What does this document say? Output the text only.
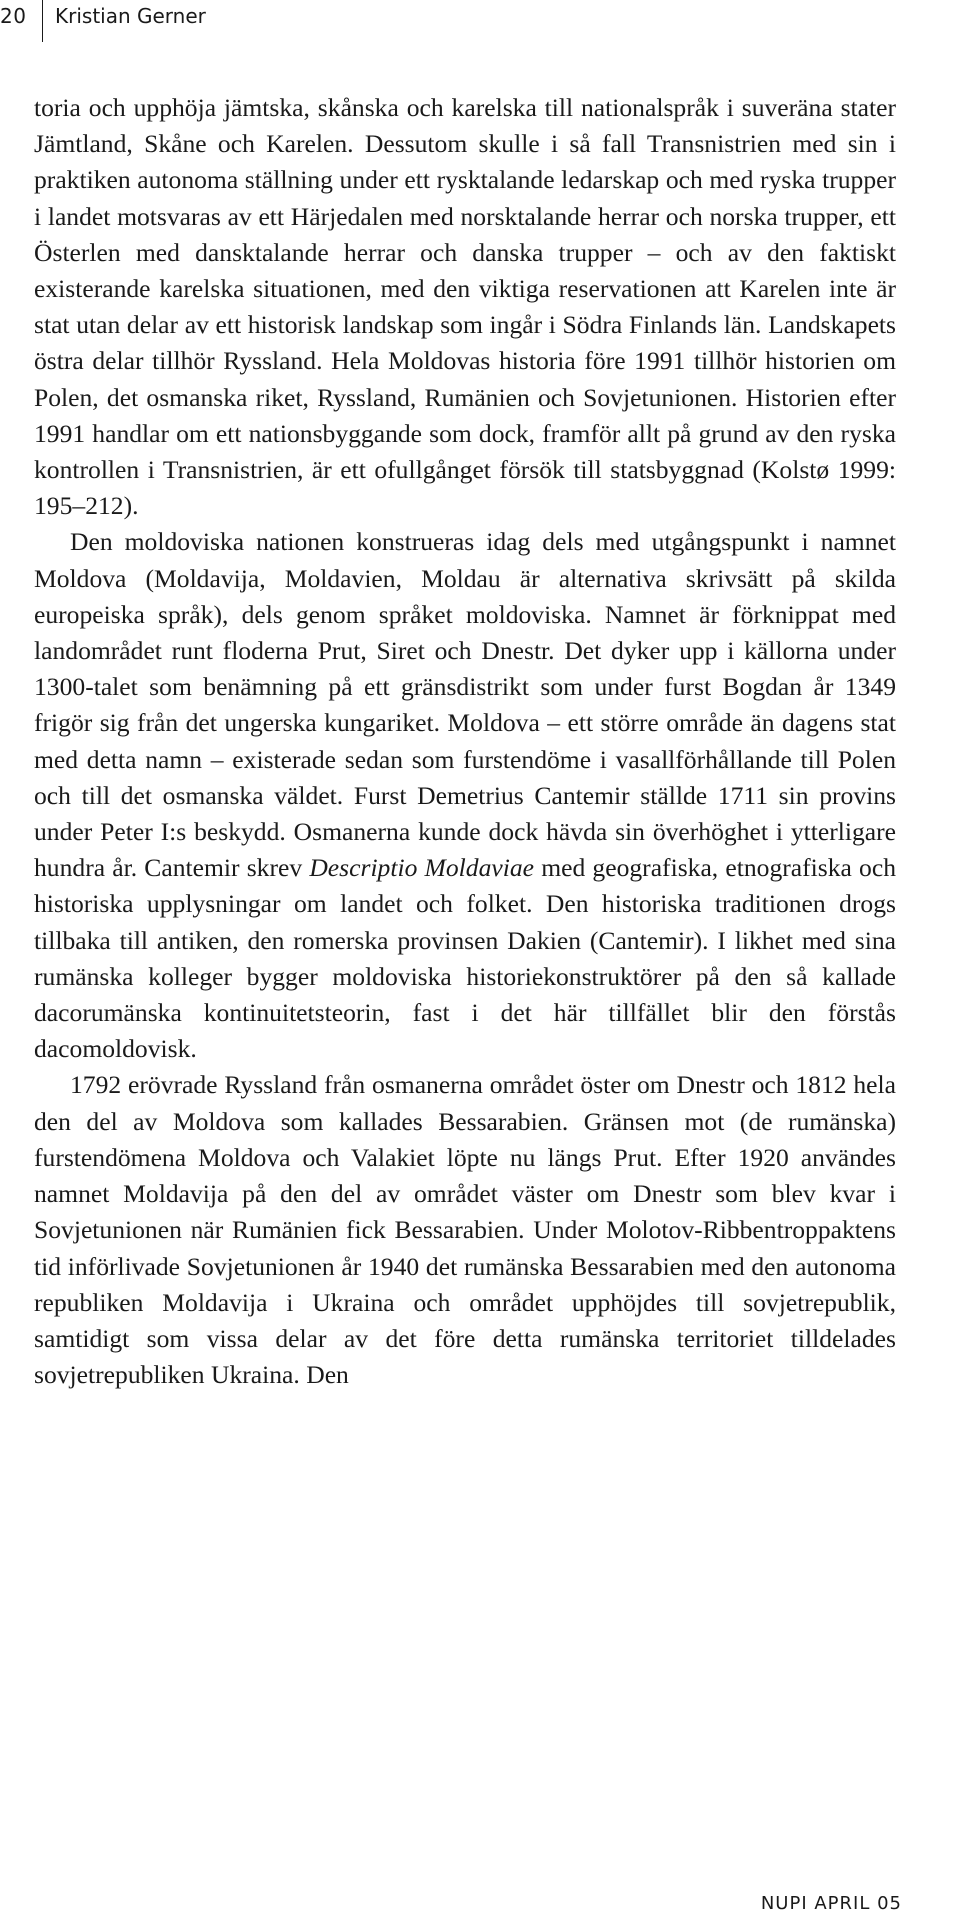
20	Kristian Gerner

toria och upphöja jämtska, skånska och karelska till nationalspråk i suveräna stater Jämtland, Skåne och Karelen. Dessutom skulle i så fall Transnistrien med sin i praktiken autonoma ställning under ett rysktalande ledarskap och med ryska trupper i landet motsvaras av ett Härjedalen med norsktalande herrar och norska trupper, ett Österlen med dansktalande herrar och danska trupper – och av den faktiskt existerande karelska situationen, med den viktiga reservationen att Karelen inte är stat utan delar av ett historisk landskap som ingår i Södra Finlands län. Landskapets östra delar tillhör Ryssland. Hela Moldovas historia före 1991 tillhör historien om Polen, det osmanska riket, Ryssland, Rumänien och Sovjetunionen. Historien efter 1991 handlar om ett nationsbyggande som dock, framför allt på grund av den ryska kontrollen i Transnistrien, är ett ofullgånget försök till statsbyggnad (Kolstø 1999: 195–212).

Den moldoviska nationen konstrueras idag dels med utgångspunkt i namnet Moldova (Moldavija, Moldavien, Moldau är alternativa skrivsätt på skilda europeiska språk), dels genom språket moldoviska. Namnet är förknippat med landområdet runt floderna Prut, Siret och Dnestr. Det dyker upp i källorna under 1300-talet som benämning på ett gränsdistrikt som under furst Bogdan år 1349 frigör sig från det ungerska kungariket. Moldova – ett större område än dagens stat med detta namn – existerade sedan som furstendöme i vasallförhållande till Polen och till det osmanska väldet. Furst Demetrius Cantemir ställde 1711 sin provins under Peter I:s beskydd. Osmanerna kunde dock hävda sin överhöghet i ytterligare hundra år. Cantemir skrev Descriptio Moldaviae med geografiska, etnografiska och historiska upplysningar om landet och folket. Den historiska traditionen drogs tillbaka till antiken, den romerska provinsen Dakien (Cantemir). I likhet med sina rumänska kolleger bygger moldoviska historiekonstruktörer på den så kallade dacorumänska kontinuitetsteorin, fast i det här tillfället blir den förstås dacomoldovisk.

1792 erövrade Ryssland från osmanerna området öster om Dnestr och 1812 hela den del av Moldova som kallades Bessarabien. Gränsen mot (de rumänska) furstendömena Moldova och Valakiet löpte nu längs Prut. Efter 1920 användes namnet Moldavija på den del av området väster om Dnestr som blev kvar i Sovjetunionen när Rumänien fick Bessarabien. Under Molotov-Ribbentroppaktens tid införlivade Sovjetunionen år 1940 det rumänska Bessarabien med den autonoma republiken Moldavija i Ukraina och området upphöjdes till sovjetrepublik, samtidigt som vissa delar av det före detta rumänska territoriet tilldelades sovjetrepubliken Ukraina. Den

NUPI APRIL 05
